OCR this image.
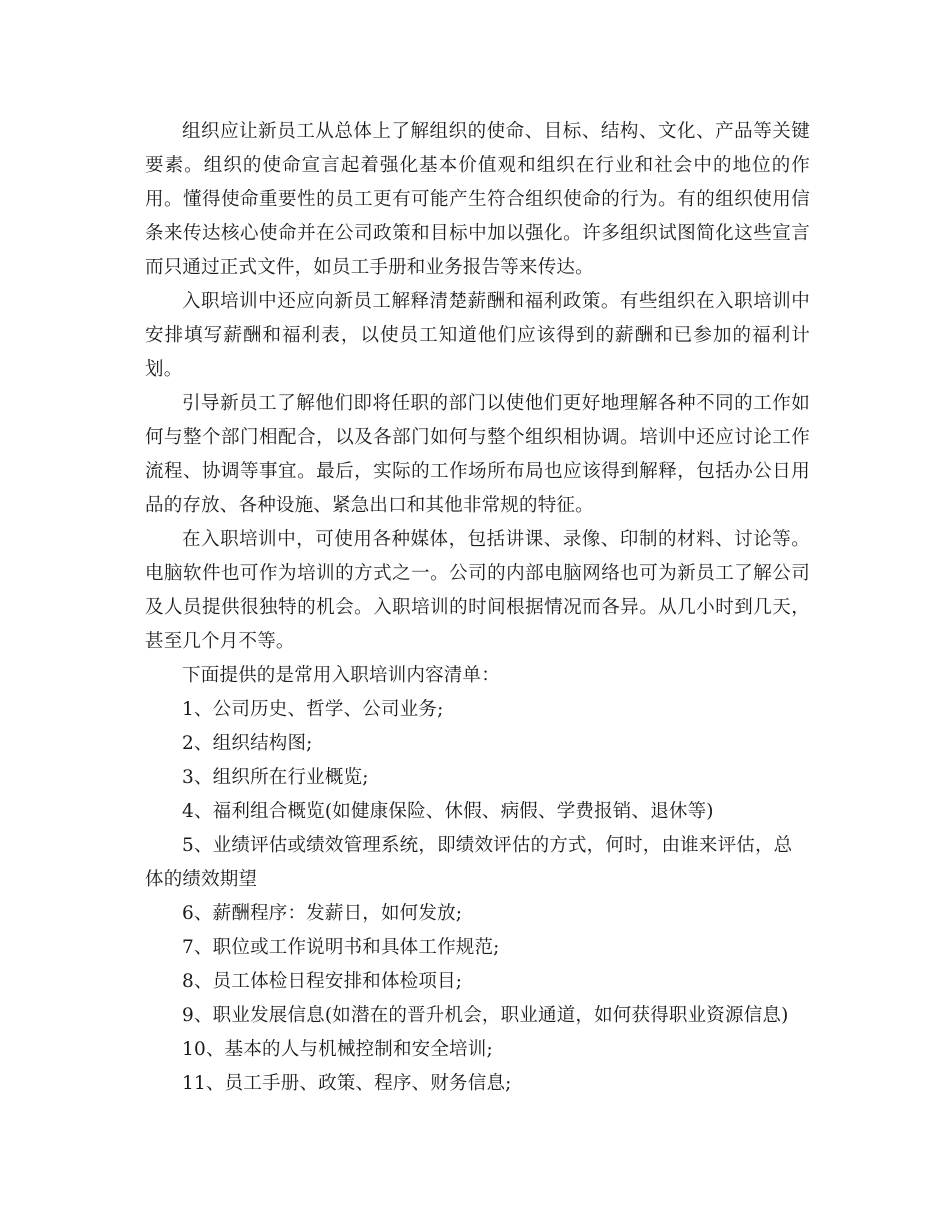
组织应让新员工从总体上了解组织的使命、目标、结构、文化、产品等关键要素。组织的使命宣言起着强化基本价值观和组织在行业和社会中的地位的作用。懂得使命重要性的员工更有可能产生符合组织使命的行为。有的组织使用信条来传达核心使命并在公司政策和目标中加以强化。许多组织试图简化这些宣言而只通过正式文件，如员工手册和业务报告等来传达。

入职培训中还应向新员工解释清楚薪酬和福利政策。有些组织在入职培训中安排填写薪酬和福利表，以使员工知道他们应该得到的薪酬和已参加的福利计划。

引导新员工了解他们即将任职的部门以使他们更好地理解各种不同的工作如何与整个部门相配合，以及各部门如何与整个组织相协调。培训中还应讨论工作流程、协调等事宜。最后，实际的工作场所布局也应该得到解释，包括办公日用品的存放、各种设施、紧急出口和其他非常规的特征。

在入职培训中，可使用各种媒体，包括讲课、录像、印制的材料、讨论等。电脑软件也可作为培训的方式之一。公司的内部电脑网络也可为新员工了解公司及人员提供很独特的机会。入职培训的时间根据情况而各异。从几小时到几天，甚至几个月不等。

下面提供的是常用入职培训内容清单：

1、公司历史、哲学、公司业务;

2、组织结构图;

3、组织所在行业概览;

4、福利组合概览(如健康保险、休假、病假、学费报销、退休等)

5、业绩评估或绩效管理系统，即绩效评估的方式，何时，由谁来评估，总体的绩效期望

6、薪酬程序：发薪日，如何发放;

7、职位或工作说明书和具体工作规范;

8、员工体检日程安排和体检项目;

9、职业发展信息(如潜在的晋升机会，职业通道，如何获得职业资源信息)

10、基本的人与机械控制和安全培训;

11、员工手册、政策、程序、财务信息;
